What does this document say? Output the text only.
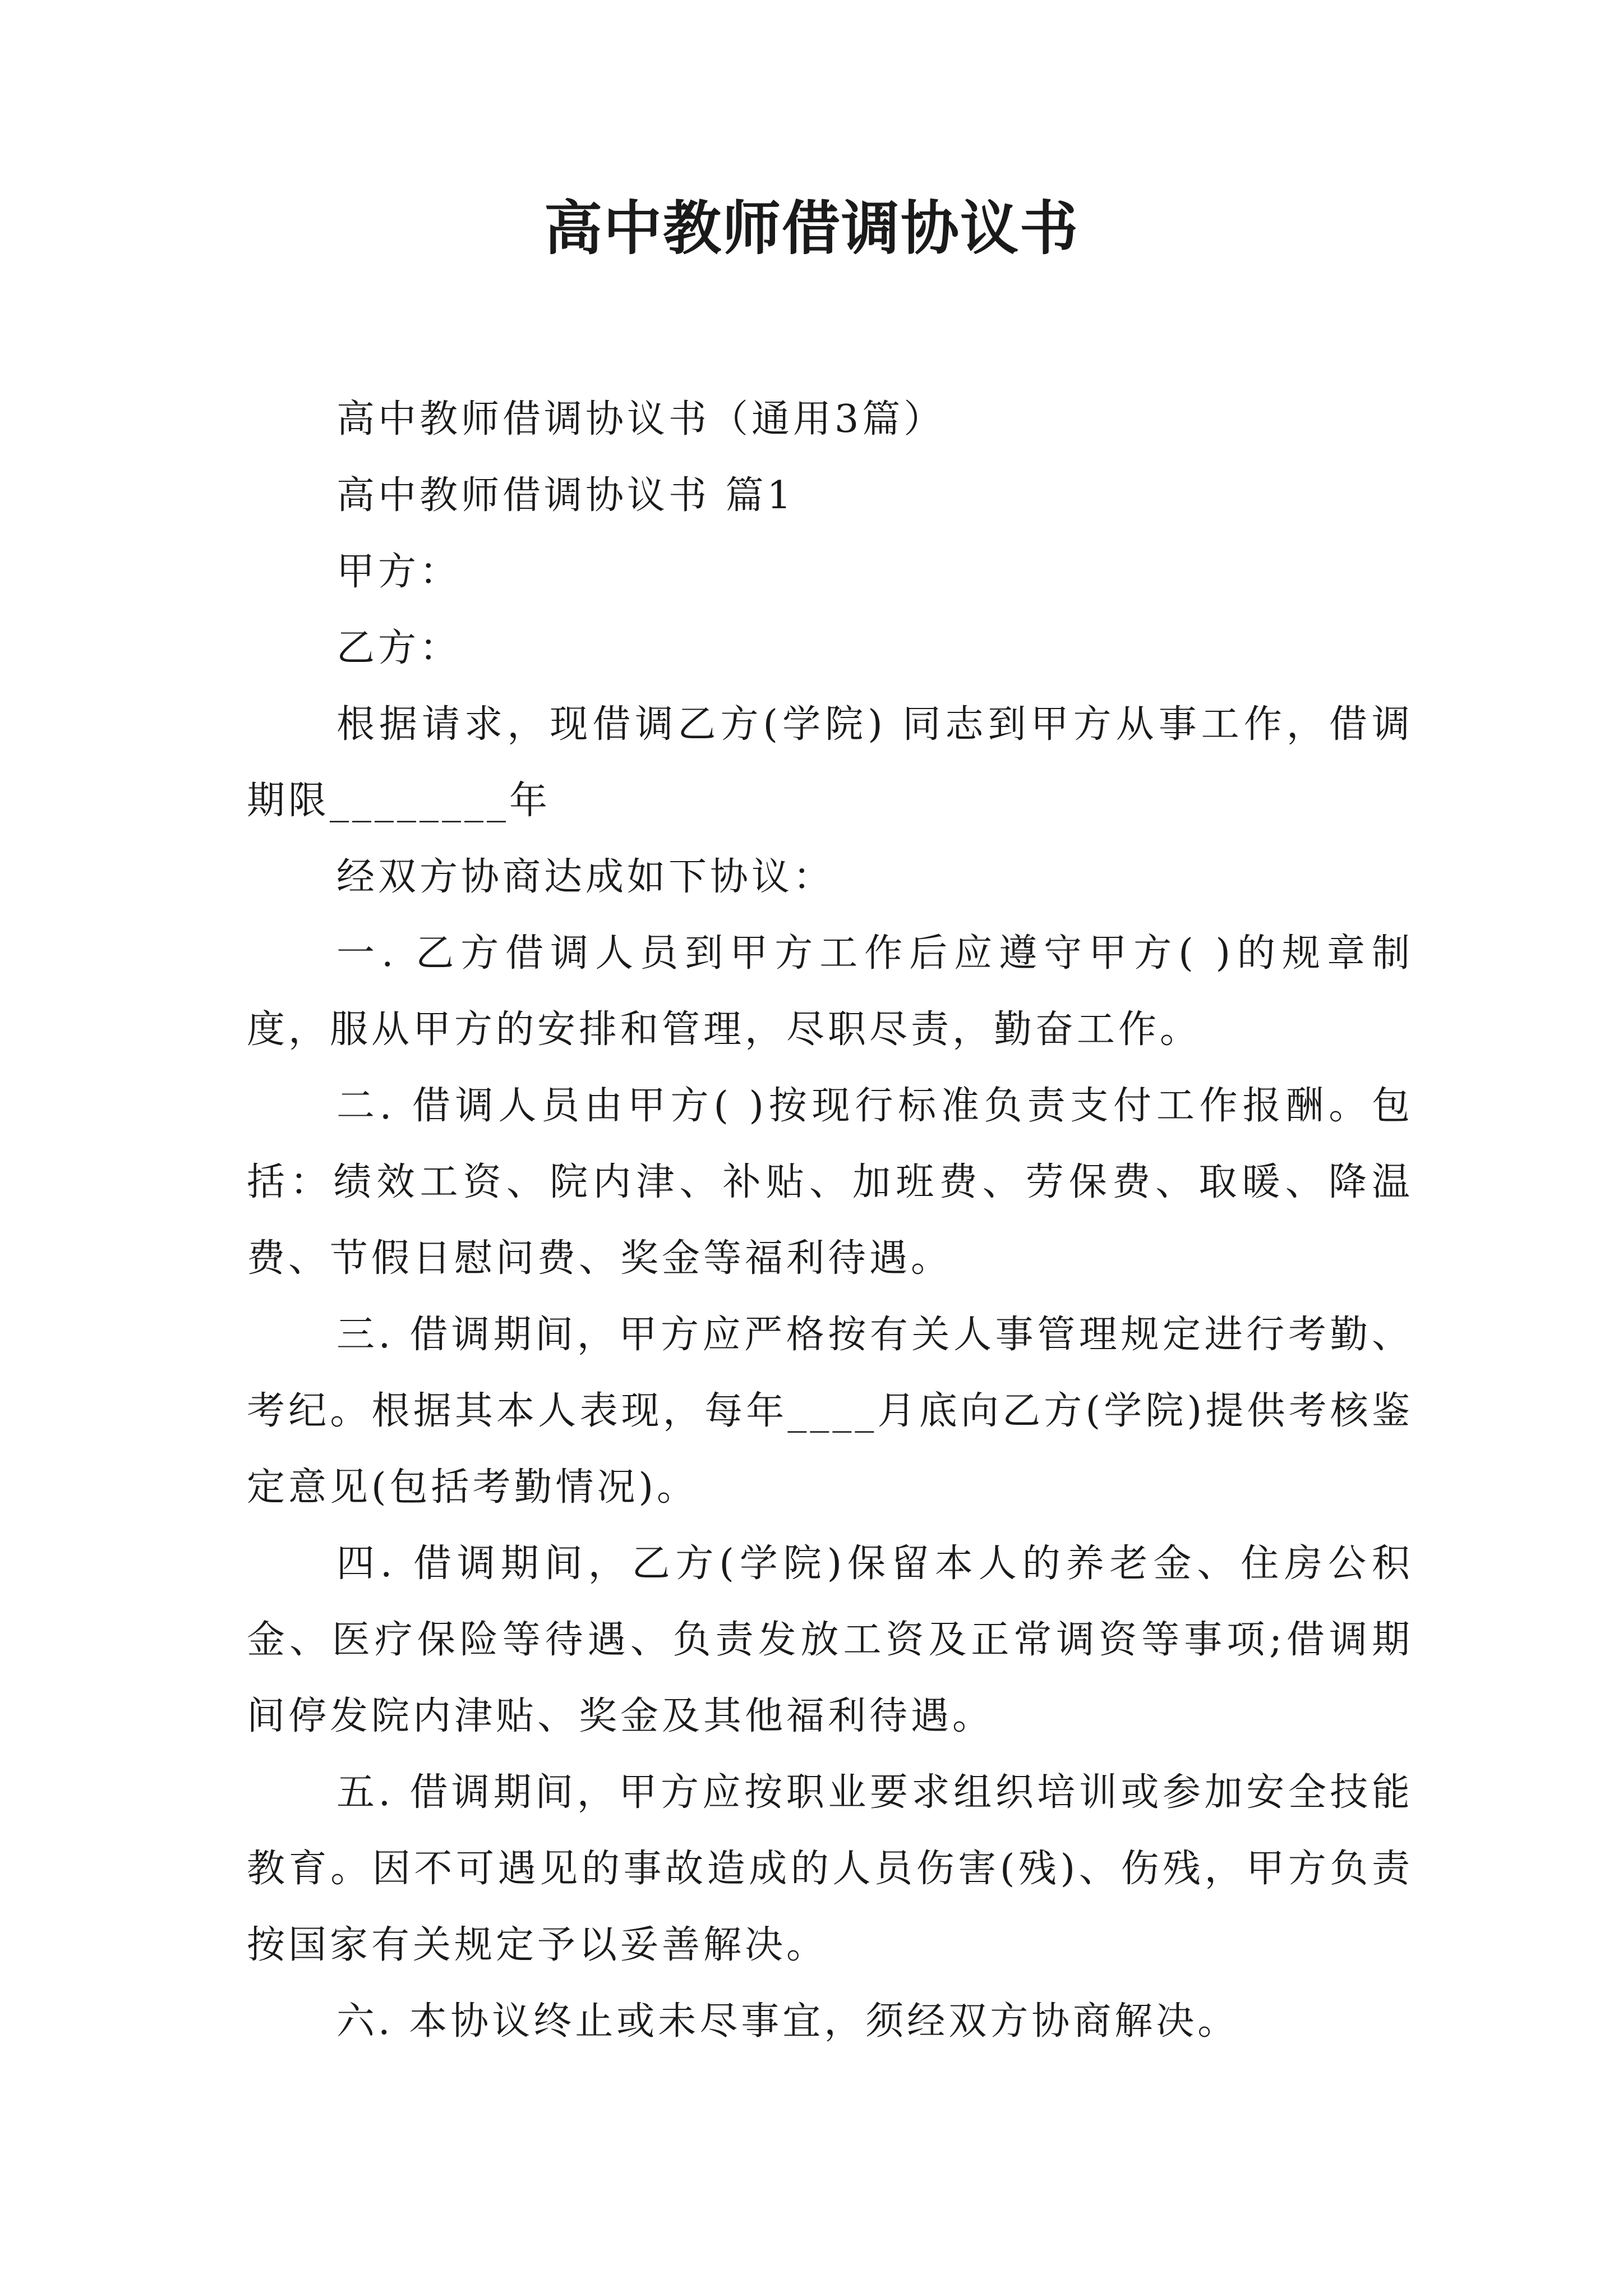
高中教师借调协议书

高中教师借调协议书（通用3篇）

高中教师借调协议书 篇1

甲方：

乙方：

根据请求，现借调乙方(学院) 同志到甲方从事工作，借调期限________年

经双方协商达成如下协议：

一. 乙方借调人员到甲方工作后应遵守甲方( )的规章制度，服从甲方的安排和管理，尽职尽责，勤奋工作。

二. 借调人员由甲方( )按现行标准负责支付工作报酬。包括：绩效工资、院内津、补贴、加班费、劳保费、取暖、降温费、节假日慰问费、奖金等福利待遇。

三. 借调期间，甲方应严格按有关人事管理规定进行考勤、考纪。根据其本人表现，每年____月底向乙方(学院)提供考核鉴定意见(包括考勤情况)。

四. 借调期间，乙方(学院)保留本人的养老金、住房公积金、医疗保险等待遇、负责发放工资及正常调资等事项;借调期间停发院内津贴、奖金及其他福利待遇。

五. 借调期间，甲方应按职业要求组织培训或参加安全技能教育。因不可遇见的事故造成的人员伤害(残)、伤残，甲方负责按国家有关规定予以妥善解决。

六. 本协议终止或未尽事宜，须经双方协商解决。
